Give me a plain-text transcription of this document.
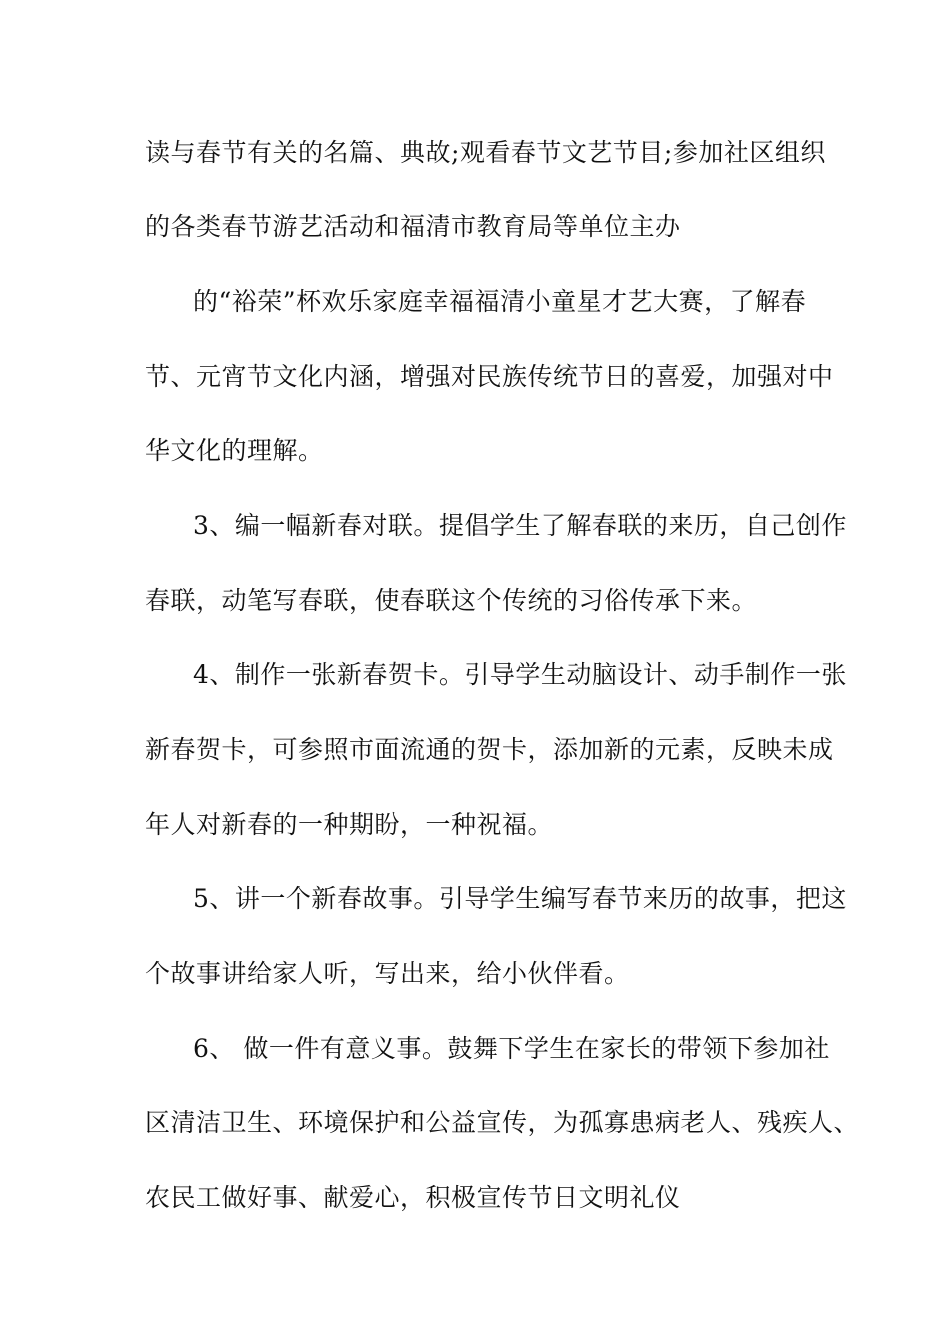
读与春节有关的名篇、典故;观看春节文艺节目;参加社区组织
的各类春节游艺活动和福清市教育局等单位主办
的“裕荣”杯欢乐家庭幸福福清小童星才艺大赛，了解春
节、元宵节文化内涵，增强对民族传统节日的喜爱，加强对中
华文化的理解。
3、编一幅新春对联。提倡学生了解春联的来历，自己创作
春联，动笔写春联，使春联这个传统的习俗传承下来。
4、制作一张新春贺卡。引导学生动脑设计、动手制作一张
新春贺卡，可参照市面流通的贺卡，添加新的元素，反映未成
年人对新春的一种期盼，一种祝福。
5、讲一个新春故事。引导学生编写春节来历的故事，把这
个故事讲给家人听，写出来，给小伙伴看。
6、 做一件有意义事。鼓舞下学生在家长的带领下参加社
区清洁卫生、环境保护和公益宣传，为孤寡患病老人、残疾人、
农民工做好事、献爱心，积极宣传节日文明礼仪
